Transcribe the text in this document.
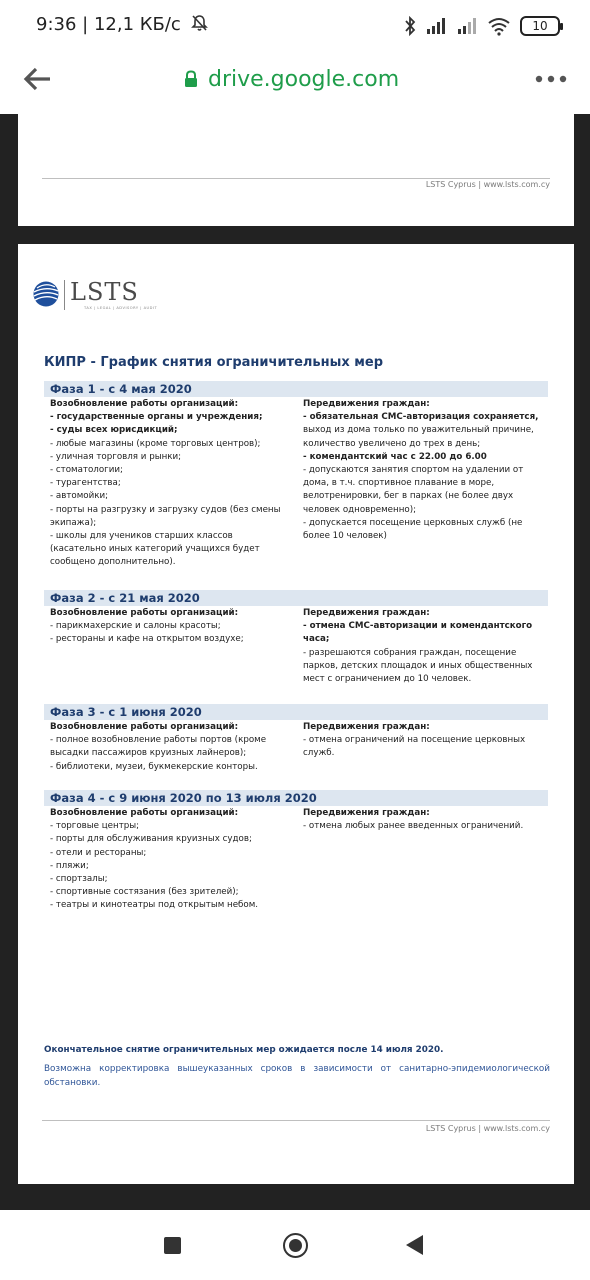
9:36 | 12,1 КБ/с	10
drive.google.com
LSTS Cyprus | www.lsts.com.cy
LSTS
TAX | LEGAL | ADVISORY | AUDIT
КИПР - График снятия ограничительных мер
Фаза 1 - с 4 мая 2020
Возобновление работы организаций:
- государственные органы и учреждения;
- суды всех юрисдикций;
- любые магазины (кроме торговых центров);
- уличная торговля и рынки;
- стоматологии;
- турагентства;
- автомойки;
- порты на разгрузку и загрузку судов (без смены
экипажа);
- школы для учеников старших классов
(касательно иных категорий учащихся будет
сообщено дополнительно).
Передвижения граждан:
- обязательная СМС-авторизация сохраняется,
выход из дома только по уважительный причине,
количество увеличено до трех в день;
- комендантский час с 22.00 до 6.00
- допускаются занятия спортом на удалении от
дома, в т.ч. спортивное плавание в море,
велотренировки, бег в парках (не более двух
человек одновременно);
- допускается посещение церковных служб (не
более 10 человек)
Фаза 2 - с 21 мая 2020
Возобновление работы организаций:
- парикмахерские и салоны красоты;
- рестораны и кафе на открытом воздухе;
Передвижения граждан:
- отмена СМС-авторизации и комендантского
часа;
- разрешаются собрания граждан, посещение
парков, детских площадок и иных общественных
мест с ограничением до 10 человек.
Фаза 3 - с 1 июня 2020
Возобновление работы организаций:
- полное возобновление работы портов (кроме
высадки пассажиров круизных лайнеров);
- библиотеки, музеи, букмекерские конторы.
Передвижения граждан:
- отмена ограничений на посещение церковных
служб.
Фаза 4 - с 9 июня 2020 по 13 июля 2020
Возобновление работы организаций:
- торговые центры;
- порты для обслуживания круизных судов;
- отели и рестораны;
- пляжи;
- спортзалы;
- спортивные состязания (без зрителей);
- театры и кинотеатры под открытым небом.
Передвижения граждан:
- отмена любых ранее введенных ограничений.
Окончательное снятие ограничительных мер ожидается после 14 июля 2020.
Возможна корректировка вышеуказанных сроков в зависимости от санитарно-эпидемиологической обстановки.
LSTS Cyprus | www.lsts.com.cy
